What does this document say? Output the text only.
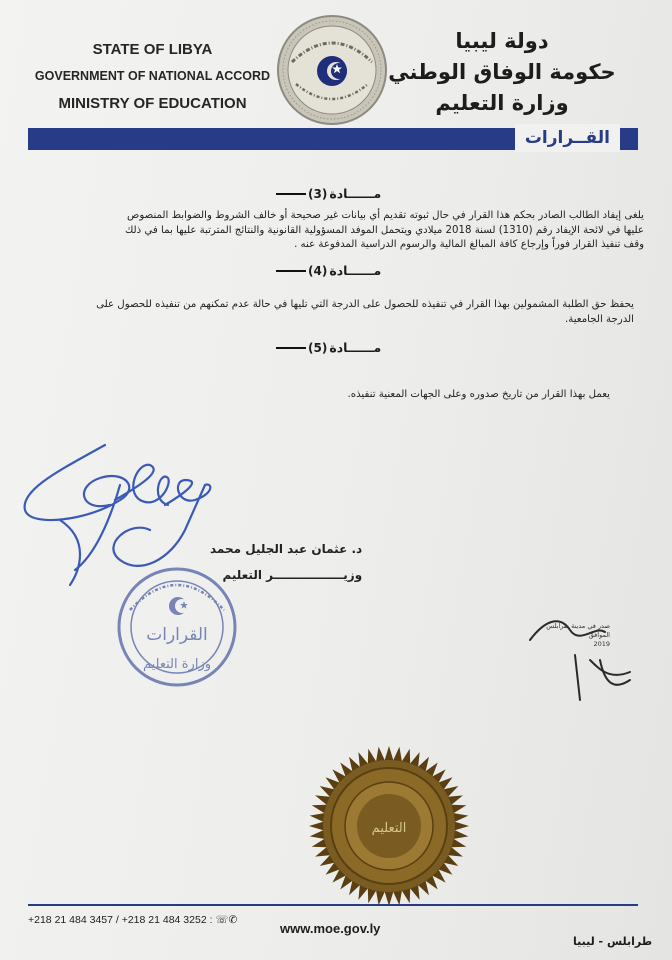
STATE OF LIBYA
GOVERNMENT OF NATIONAL ACCORD
MINISTRY OF EDUCATION
دولة ليبيا
حكومة الوفاق الوطني
وزارة التعليم
القــرارات
مــــــادة
(3)
يلغى إيفاد الطالب الصادر بحكم هذا القرار في حال ثبوته تقديم أي بيانات غير صحيحة أو خالف الشروط والضوابط المنصوص
عليها في لائحة الإيفاد رقم (1310) لسنة 2018 ميلادي ويتحمل الموفد المسؤولية القانونية والنتائج المترتبة عليها بما في ذلك
وقف تنفيذ القرار فوراً وإرجاع كافة المبالغ المالية والرسوم الدراسية المدفوعة عنه .
مــــــادة
(4)
يحفظ حق الطلبة المشمولين بهذا القرار في تنفيذه للحصول على الدرجة التي تليها في حالة عدم تمكنهم من تنفيذه للحصول على
الدرجة الجامعية.
مــــــادة
(5)
يعمل بهذا القرار من تاريخ صدوره وعلى الجهات المعنية تنفيذه.
د. عثمان عبد الجليل محمد
وزيـــــــــــــــــر التعليم
القرارات
وزارة التعليم
التعليم
صدر في مدينة طرابلس
الموافق
2019
+218 21 484 3457 / +218 21 484 3252 : ☏✆
www.moe.gov.ly
طرابلس - ليبيا
